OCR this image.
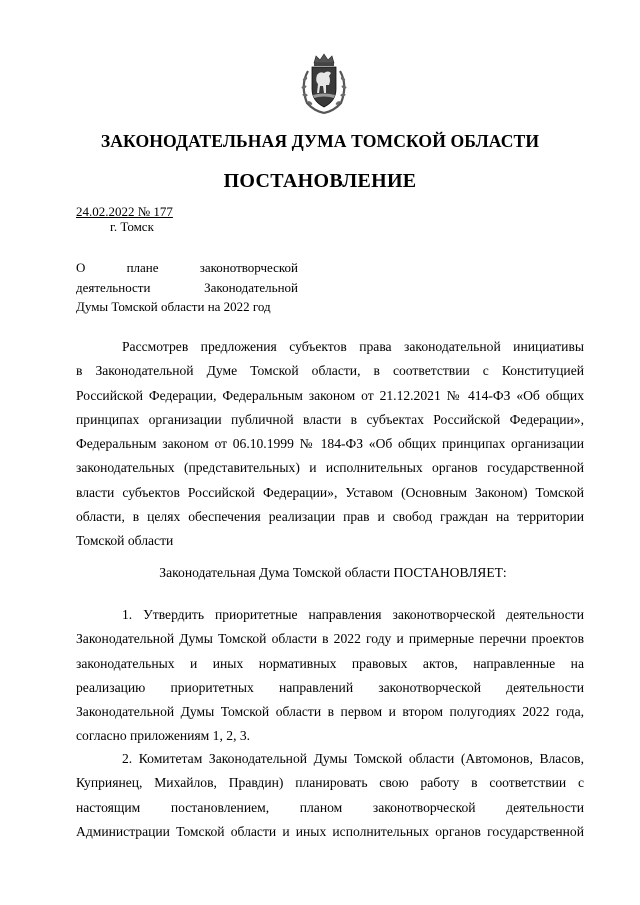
ЗАКОНОДАТЕЛЬНАЯ ДУМА ТОМСКОЙ ОБЛАСТИ
ПОСТАНОВЛЕНИЕ
24.02.2022 № 177
г. Томск
О плане законотворческой
деятельности Законодательной
Думы Томской области на 2022 год
Рассмотрев предложения субъектов права законодательной инициативы
в Законодательной Думе Томской области, в соответствии с Конституцией
Российской Федерации, Федеральным законом от 21.12.2021 № 414-ФЗ «Об общих
принципах организации публичной власти в субъектах Российской Федерации»,
Федеральным законом от 06.10.1999 № 184-ФЗ «Об общих принципах организации
законодательных (представительных) и исполнительных органов государственной
власти субъектов Российской Федерации», Уставом (Основным Законом) Томской
области, в целях обеспечения реализации прав и свобод граждан на территории
Томской области
Законодательная Дума Томской области ПОСТАНОВЛЯЕТ:
1. Утвердить приоритетные направления законотворческой деятельности
Законодательной Думы Томской области в 2022 году и примерные перечни проектов
законодательных и иных нормативных правовых актов, направленные на
реализацию приоритетных направлений законотворческой деятельности
Законодательной Думы Томской области в первом и втором полугодиях 2022 года,
согласно приложениям 1, 2, 3.
2. Комитетам Законодательной Думы Томской области (Автомонов, Власов,
Куприянец, Михайлов, Правдин) планировать свою работу в соответствии с
настоящим постановлением, планом законотворческой деятельности
Администрации Томской области и иных исполнительных органов государственной
